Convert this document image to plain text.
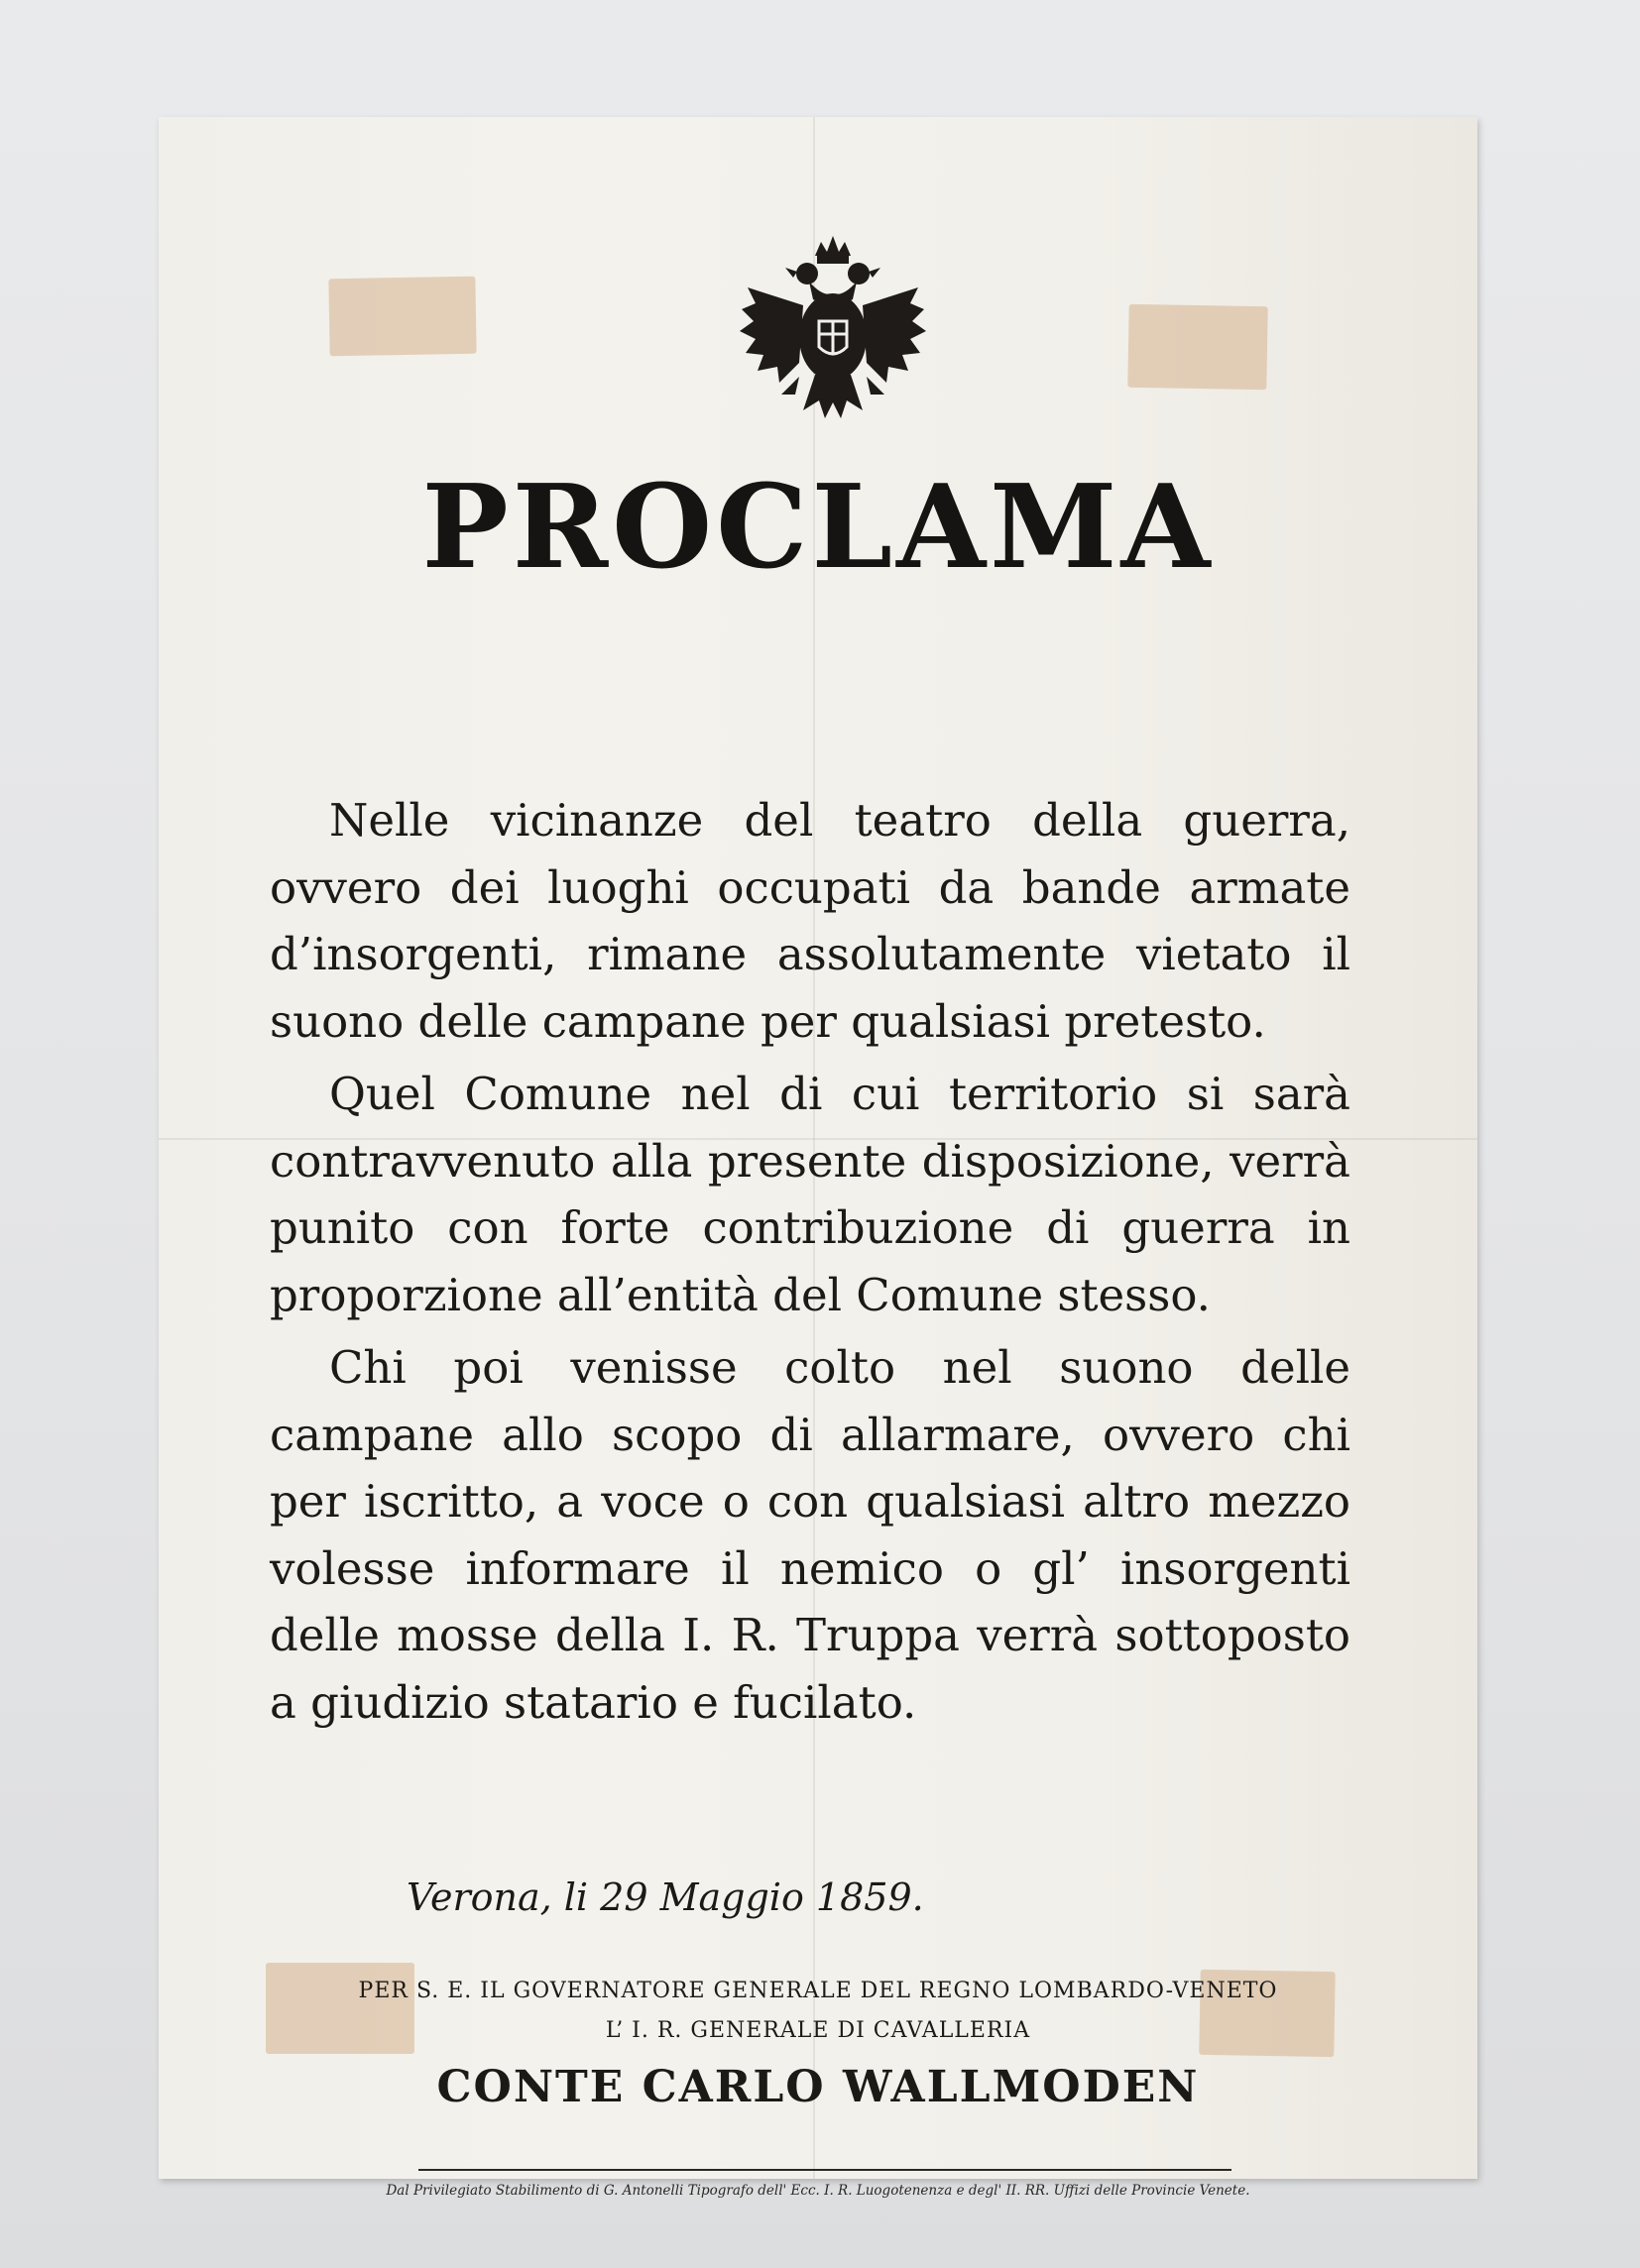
PROCLAMA

Nelle vicinanze del teatro della guerra, ovvero dei luoghi occupati da bande armate d’insorgenti, rimane assolutamente vietato il suono delle campane per qualsiasi pretesto.

Quel Comune nel di cui territorio si sarà contravvenuto alla presente disposizione, verrà punito con forte contribuzione di guerra in proporzione all’entità del Comune stesso.

Chi poi venisse colto nel suono delle campane allo scopo di allarmare, ovvero chi per iscritto, a voce o con qualsiasi altro mezzo volesse informare il nemico o gl’ insorgenti delle mosse della I. R. Truppa verrà sottoposto a giudizio statario e fucilato.

Verona, li 29 Maggio 1859.

PER S. E. IL GOVERNATORE GENERALE DEL REGNO LOMBARDO-VENETO

L’ I. R. GENERALE DI CAVALLERIA

CONTE CARLO WALLMODEN

Dal Privilegiato Stabilimento di G. Antonelli Tipografo dell' Ecc. I. R. Luogotenenza e degl' II. RR. Uffizi delle Provincie Venete.
